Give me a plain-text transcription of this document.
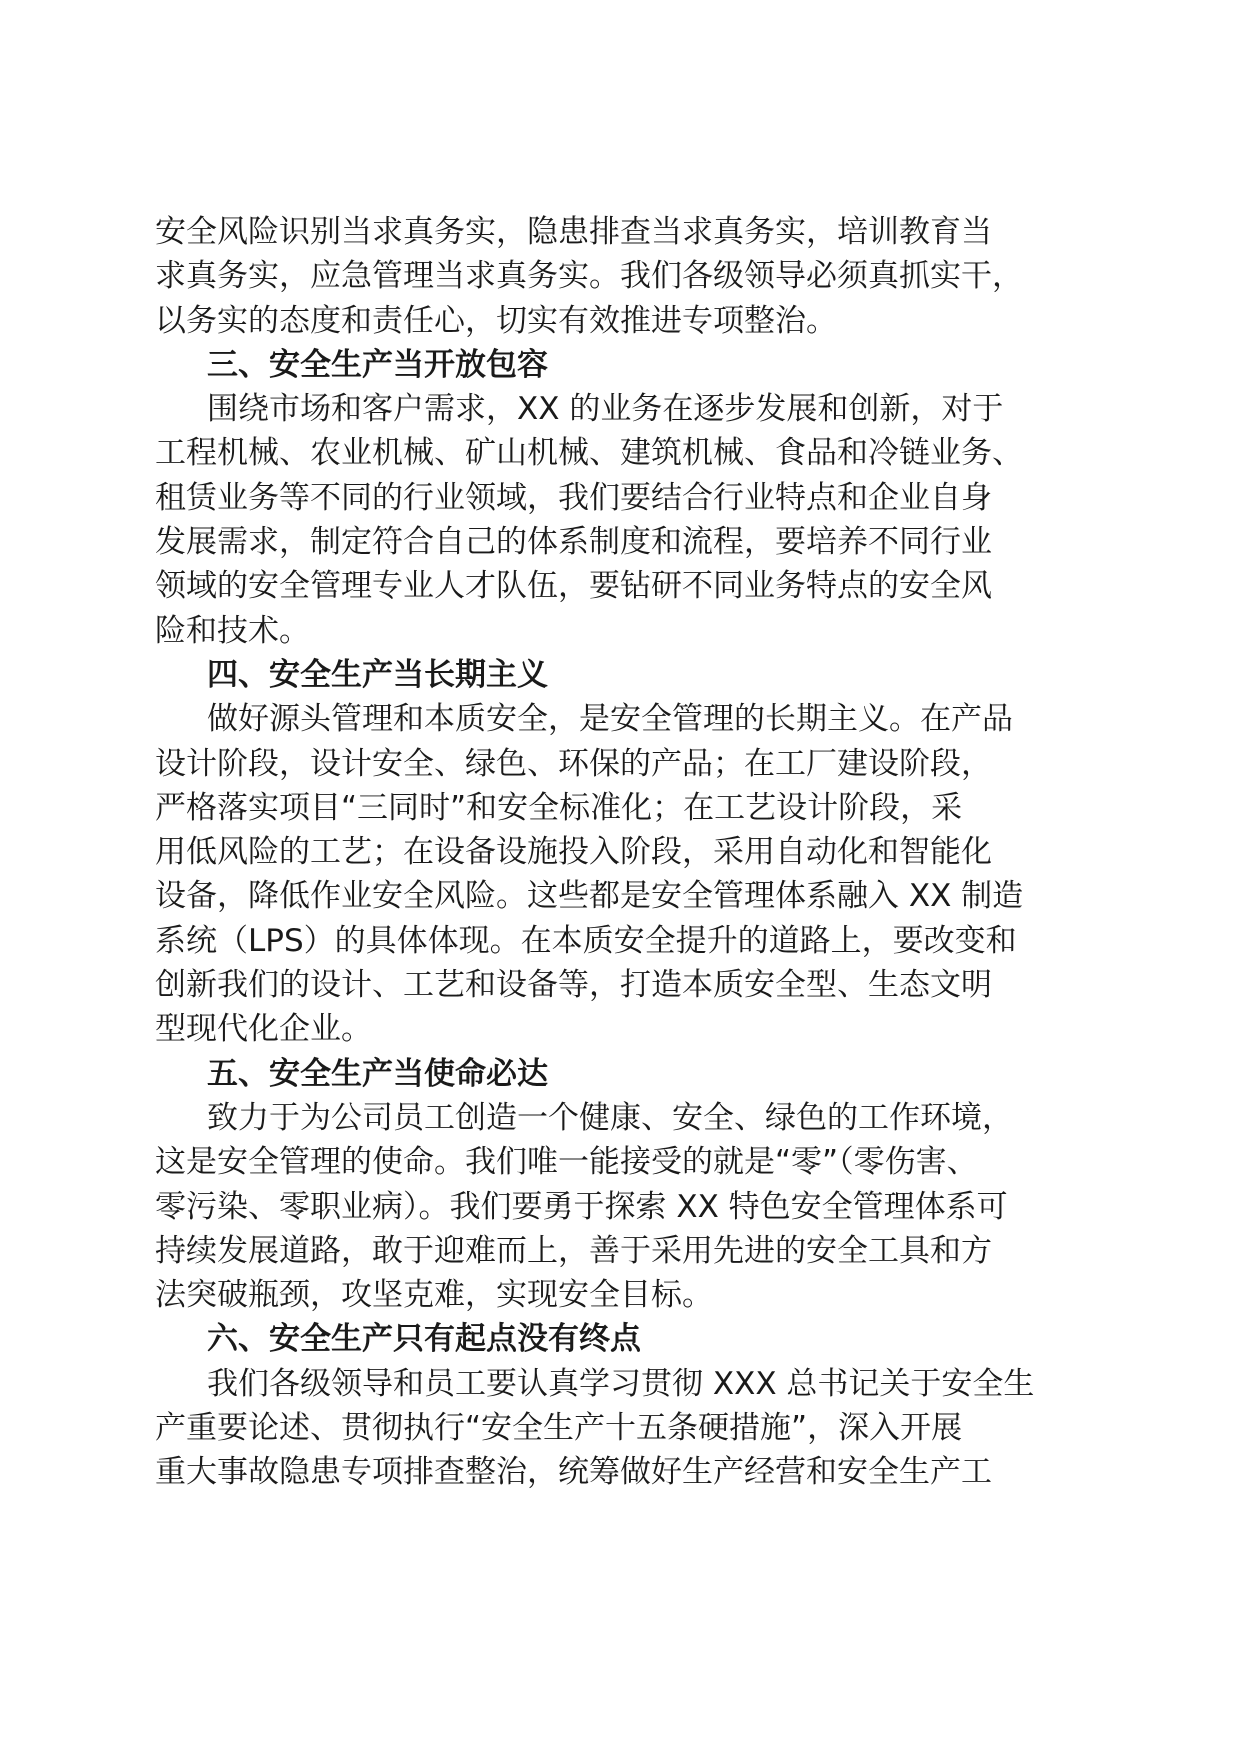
安全风险识别当求真务实，隐患排查当求真务实，培训教育当
求真务实，应急管理当求真务实。我们各级领导必须真抓实干，
以务实的态度和责任心，切实有效推进专项整治。
三、安全生产当开放包容
围绕市场和客户需求，XX 的业务在逐步发展和创新，对于
工程机械、农业机械、矿山机械、建筑机械、食品和冷链业务、
租赁业务等不同的行业领域，我们要结合行业特点和企业自身
发展需求，制定符合自己的体系制度和流程，要培养不同行业
领域的安全管理专业人才队伍，要钻研不同业务特点的安全风
险和技术。
四、安全生产当长期主义
做好源头管理和本质安全，是安全管理的长期主义。在产品
设计阶段，设计安全、绿色、环保的产品；在工厂建设阶段，
严格落实项目“三同时”和安全标准化；在工艺设计阶段，采
用低风险的工艺；在设备设施投入阶段，采用自动化和智能化
设备，降低作业安全风险。这些都是安全管理体系融入 XX 制造
系统（LPS）的具体体现。在本质安全提升的道路上，要改变和
创新我们的设计、工艺和设备等，打造本质安全型、生态文明
型现代化企业。
五、安全生产当使命必达
致力于为公司员工创造一个健康、安全、绿色的工作环境，
这是安全管理的使命。我们唯一能接受的就是“零”（零伤害、
零污染、零职业病）。我们要勇于探索 XX 特色安全管理体系可
持续发展道路，敢于迎难而上，善于采用先进的安全工具和方
法突破瓶颈，攻坚克难，实现安全目标。
六、安全生产只有起点没有终点
我们各级领导和员工要认真学习贯彻 XXX 总书记关于安全生
产重要论述、贯彻执行“安全生产十五条硬措施”，深入开展
重大事故隐患专项排查整治，统筹做好生产经营和安全生产工
